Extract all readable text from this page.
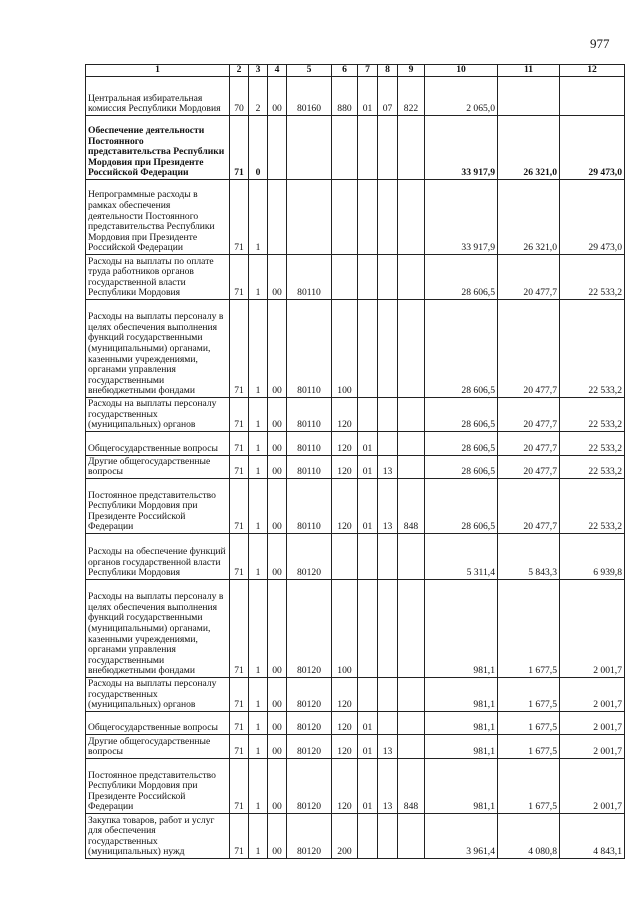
977
1	2	3	4	5	6	7	8	9	10	11	12
Центральная избирательная комиссия Республики Мордовия	70	2	00	80160	880	01	07	822	2 065,0		
Обеспечение деятельности Постоянного представительства Республики Мордовия при Президенте Российской Федерации	71	0							33 917,9	26 321,0	29 473,0
Непрограммные расходы в рамках обеспечения деятельности Постоянного представительства Республики Мордовия при Президенте Российской Федерации	71	1							33 917,9	26 321,0	29 473,0
Расходы на выплаты по оплате труда работников органов государственной власти Республики Мордовия	71	1	00	80110					28 606,5	20 477,7	22 533,2
Расходы на выплаты персоналу в целях обеспечения выполнения функций государственными (муниципальными) органами, казенными учреждениями, органами управления государственными внебюджетными фондами	71	1	00	80110	100				28 606,5	20 477,7	22 533,2
Расходы на выплаты персоналу государственных (муниципальных) органов	71	1	00	80110	120				28 606,5	20 477,7	22 533,2
Общегосударственные вопросы	71	1	00	80110	120	01			28 606,5	20 477,7	22 533,2
Другие общегосударственные вопросы	71	1	00	80110	120	01	13		28 606,5	20 477,7	22 533,2
Постоянное представительство Республики Мордовия при Президенте Российской Федерации	71	1	00	80110	120	01	13	848	28 606,5	20 477,7	22 533,2
Расходы на обеспечение функций органов государственной власти Республики Мордовия	71	1	00	80120					5 311,4	5 843,3	6 939,8
Расходы на выплаты персоналу в целях обеспечения выполнения функций государственными (муниципальными) органами, казенными учреждениями, органами управления государственными внебюджетными фондами	71	1	00	80120	100				981,1	1 677,5	2 001,7
Расходы на выплаты персоналу государственных (муниципальных) органов	71	1	00	80120	120				981,1	1 677,5	2 001,7
Общегосударственные вопросы	71	1	00	80120	120	01			981,1	1 677,5	2 001,7
Другие общегосударственные вопросы	71	1	00	80120	120	01	13		981,1	1 677,5	2 001,7
Постоянное представительство Республики Мордовия при Президенте Российской Федерации	71	1	00	80120	120	01	13	848	981,1	1 677,5	2 001,7
Закупка товаров, работ и услуг для обеспечения государственных (муниципальных) нужд	71	1	00	80120	200				3 961,4	4 080,8	4 843,1
